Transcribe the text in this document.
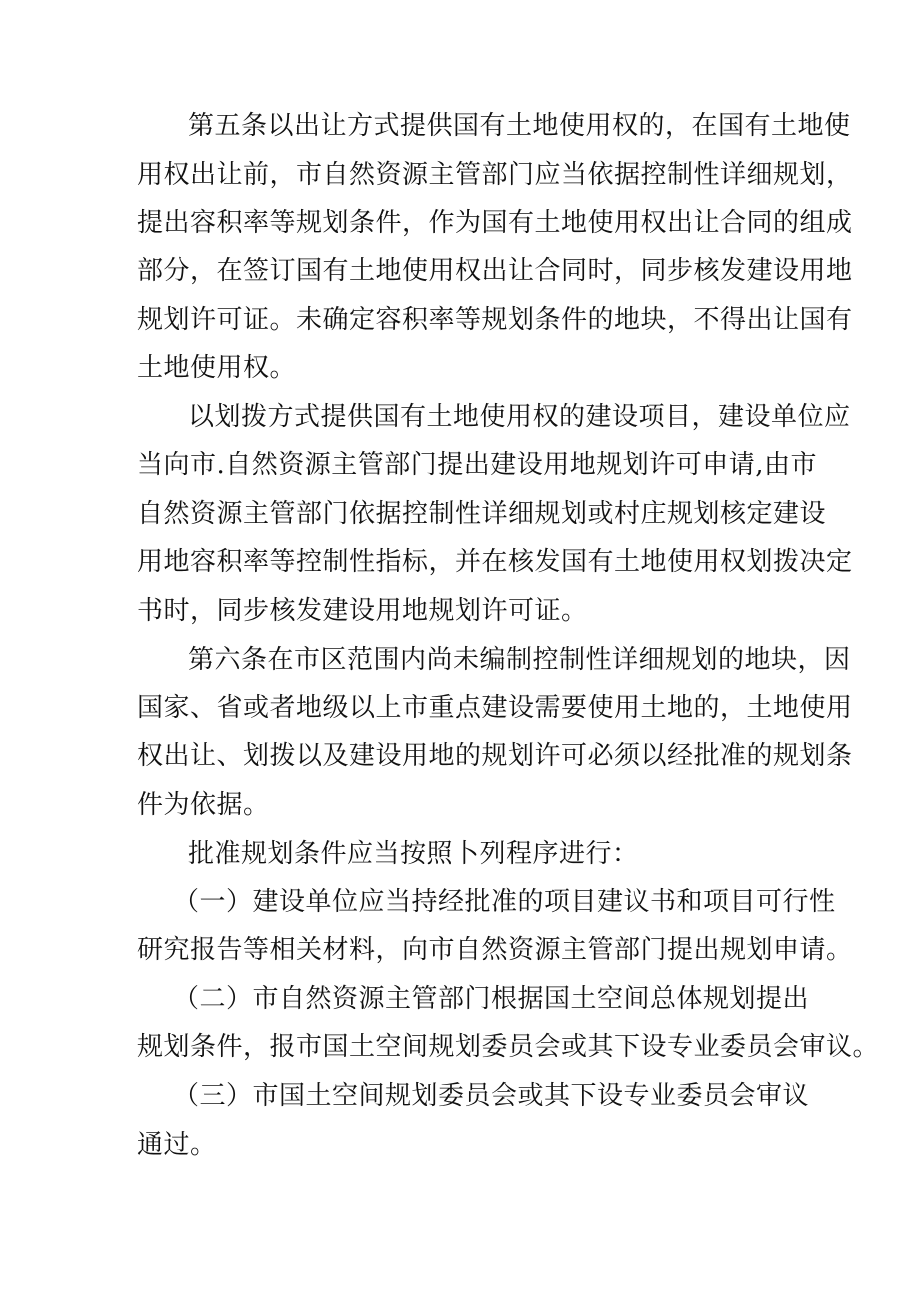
第五条以出让方式提供国有土地使用权的，在国有土地使

用权出让前，市自然资源主管部门应当依据控制性详细规划，

提出容积率等规划条件，作为国有土地使用权出让合同的组成

部分，在签订国有土地使用权出让合同时，同步核发建设用地

规划许可证。未确定容积率等规划条件的地块，不得出让国有

土地使用权。

以划拨方式提供国有土地使用权的建设项目，建设单位应

当向市.自然资源主管部门提出建设用地规划许可申请,由市

自然资源主管部门依据控制性详细规划或村庄规划核定建设

用地容积率等控制性指标，并在核发国有土地使用权划拨决定

书时，同步核发建设用地规划许可证。

第六条在市区范围内尚未编制控制性详细规划的地块，因

国家、省或者地级以上市重点建设需要使用土地的，土地使用

权出让、划拨以及建设用地的规划许可必须以经批准的规划条

件为依据。

批准规划条件应当按照卜列程序进行：

（一）建设单位应当持经批准的项目建议书和项目可行性

研究报告等相关材料，向市自然资源主管部门提出规划申请。

（二）市自然资源主管部门根据国土空间总体规划提出

规划条件，报市国土空间规划委员会或其下设专业委员会审议。

（三）市国土空间规划委员会或其下设专业委员会审议

通过。
